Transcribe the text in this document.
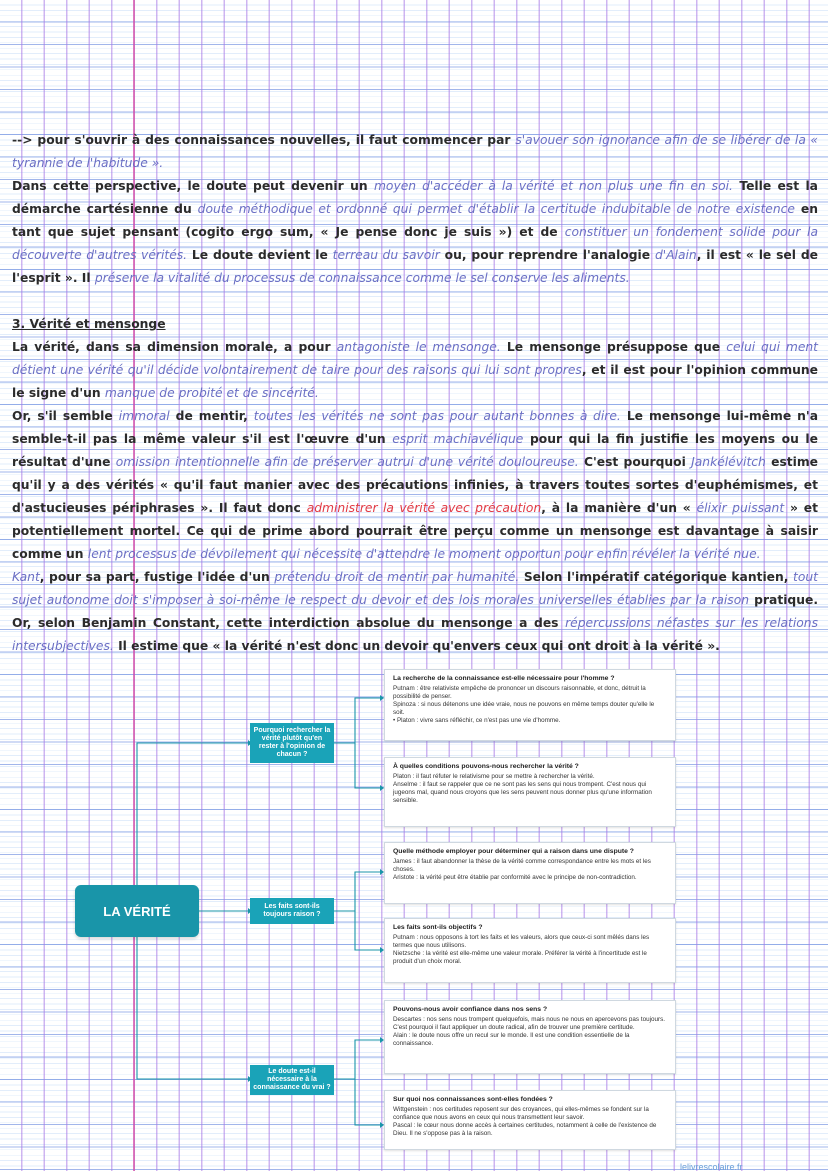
--> pour s'ouvrir à des connaissances nouvelles, il faut commencer par s'avouer son ignorance afin de se libérer de la « tyrannie de l'habitude ».

Dans cette perspective, le doute peut devenir un moyen d'accéder à la vérité et non plus une fin en soi. Telle est la démarche cartésienne du doute méthodique et ordonné qui permet d'établir la certitude indubitable de notre existence en tant que sujet pensant (cogito ergo sum, « Je pense donc je suis ») et de constituer un fondement solide pour la découverte d'autres vérités. Le doute devient le terreau du savoir ou, pour reprendre l'analogie d'Alain, il est « le sel de l'esprit ». Il préserve la vitalité du processus de connaissance comme le sel conserve les aliments.

3. Vérité et mensonge

La vérité, dans sa dimension morale, a pour antagoniste le mensonge. Le mensonge présuppose que celui qui ment détient une vérité qu'il décide volontairement de taire pour des raisons qui lui sont propres, et il est pour l'opinion commune le signe d'un manque de probité et de sincérité.

Or, s'il semble immoral de mentir, toutes les vérités ne sont pas pour autant bonnes à dire. Le mensonge lui-même n'a semble-t-il pas la même valeur s'il est l'œuvre d'un esprit machiavélique pour qui la fin justifie les moyens ou le résultat d'une omission intentionnelle afin de préserver autrui d'une vérité douloureuse. C'est pourquoi Jankélévitch estime qu'il y a des vérités « qu'il faut manier avec des précautions infinies, à travers toutes sortes d'euphémismes, et d'astucieuses périphrases ». Il faut donc administrer la vérité avec précaution, à la manière d'un « élixir puissant » et potentiellement mortel. Ce qui de prime abord pourrait être perçu comme un mensonge est davantage à saisir comme un lent processus de dévoilement qui nécessite d'attendre le moment opportun pour enfin révéler la vérité nue.

Kant, pour sa part, fustige l'idée d'un prétendu droit de mentir par humanité. Selon l'impératif catégorique kantien, tout sujet autonome doit s'imposer à soi-même le respect du devoir et des lois morales universelles établies par la raison pratique. Or, selon Benjamin Constant, cette interdiction absolue du mensonge a des répercussions néfastes sur les relations intersubjectives. Il estime que « la vérité n'est donc un devoir qu'envers ceux qui ont droit à la vérité ».

LA VÉRITÉ
Pourquoi rechercher la vérité plutôt qu'en rester à l'opinion de chacun ?
Les faits sont-ils toujours raison ?
Le doute est-il nécessaire à la connaissance du vrai ?
La recherche de la connaissance est-elle nécessaire pour l'homme ?

Putnam : être relativiste empêche de prononcer un discours raisonnable, et donc, détruit la possibilité de penser.

Spinoza : si nous détenons une idée vraie, nous ne pouvons en même temps douter qu'elle le soit.

• Platon : vivre sans réfléchir, ce n'est pas une vie d'homme.

À quelles conditions pouvons-nous rechercher la vérité ?

Platon : il faut réfuter le relativisme pour se mettre à rechercher la vérité.

Anselme : il faut se rappeler que ce ne sont pas les sens qui nous trompent. C'est nous qui jugeons mal, quand nous croyons que les sens peuvent nous donner plus qu'une information sensible.

Quelle méthode employer pour déterminer qui a raison dans une dispute ?

James : il faut abandonner la thèse de la vérité comme correspondance entre les mots et les choses.

Aristote : la vérité peut être établie par conformité avec le principe de non-contradiction.

Les faits sont-ils objectifs ?

Putnam : nous opposons à tort les faits et les valeurs, alors que ceux-ci sont mêlés dans les termes que nous utilisons.

Nietzsche : la vérité est elle-même une valeur morale. Préférer la vérité à l'incertitude est le produit d'un choix moral.

Pouvons-nous avoir confiance dans nos sens ?

Descartes : nos sens nous trompent quelquefois, mais nous ne nous en apercevons pas toujours. C'est pourquoi il faut appliquer un doute radical, afin de trouver une première certitude.

Alain : le doute nous offre un recul sur le monde. Il est une condition essentielle de la connaissance.

Sur quoi nos connaissances sont-elles fondées ?

Wittgenstein : nos certitudes reposent sur des croyances, qui elles-mêmes se fondent sur la confiance que nous avons en ceux qui nous transmettent leur savoir.

Pascal : le cœur nous donne accès à certaines certitudes, notamment à celle de l'existence de Dieu. Il ne s'oppose pas à la raison.

lelivrescolaire.fr
